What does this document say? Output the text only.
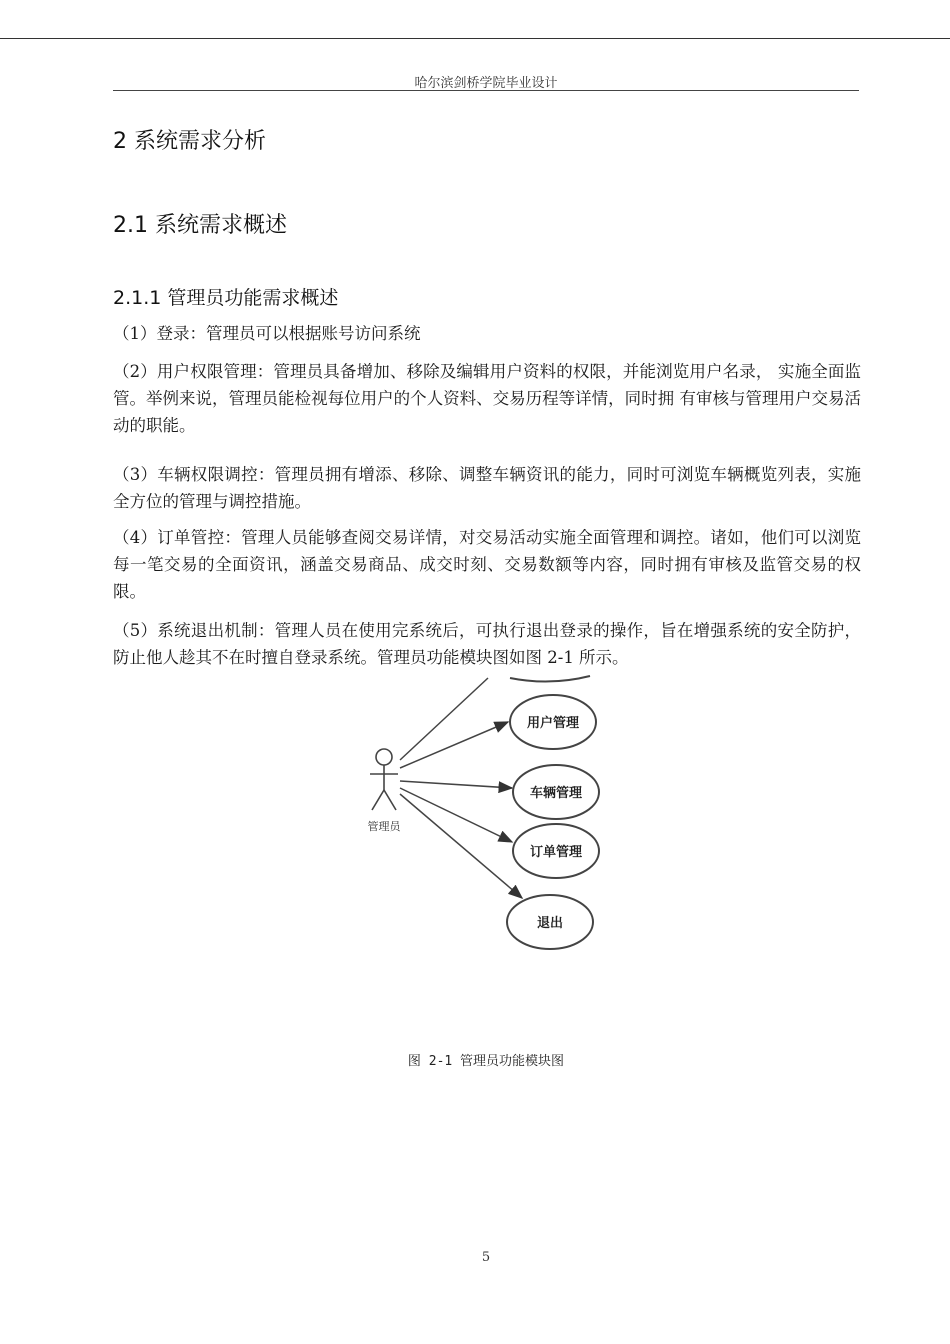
哈尔滨剑桥学院毕业设计
2 系统需求分析
2.1 系统需求概述
2.1.1 管理员功能需求概述
（1）登录：管理员可以根据账号访问系统
（2）用户权限管理：管理员具备增加、移除及编辑用户资料的权限，并能浏览用户名录， 实施全面监管。举例来说，管理员能检视每位用户的个人资料、交易历程等详情，同时拥 有审核与管理用户交易活动的职能。
（3）车辆权限调控：管理员拥有增添、移除、调整车辆资讯的能力，同时可浏览车辆概览列表，实施全方位的管理与调控措施。
（4）订单管控：管理人员能够查阅交易详情，对交易活动实施全面管理和调控。诸如，他们可以浏览每一笔交易的全面资讯，涵盖交易商品、成交时刻、交易数额等内容，同时拥有审核及监管交易的权限。
（5）系统退出机制：管理人员在使用完系统后，可执行退出登录的操作，旨在增强系统的安全防护，防止他人趁其不在时擅自登录系统。管理员功能模块图如图 2-1 所示。
管理员
用户管理
车辆管理
订单管理
退出
图 2-1 管理员功能模块图
5
